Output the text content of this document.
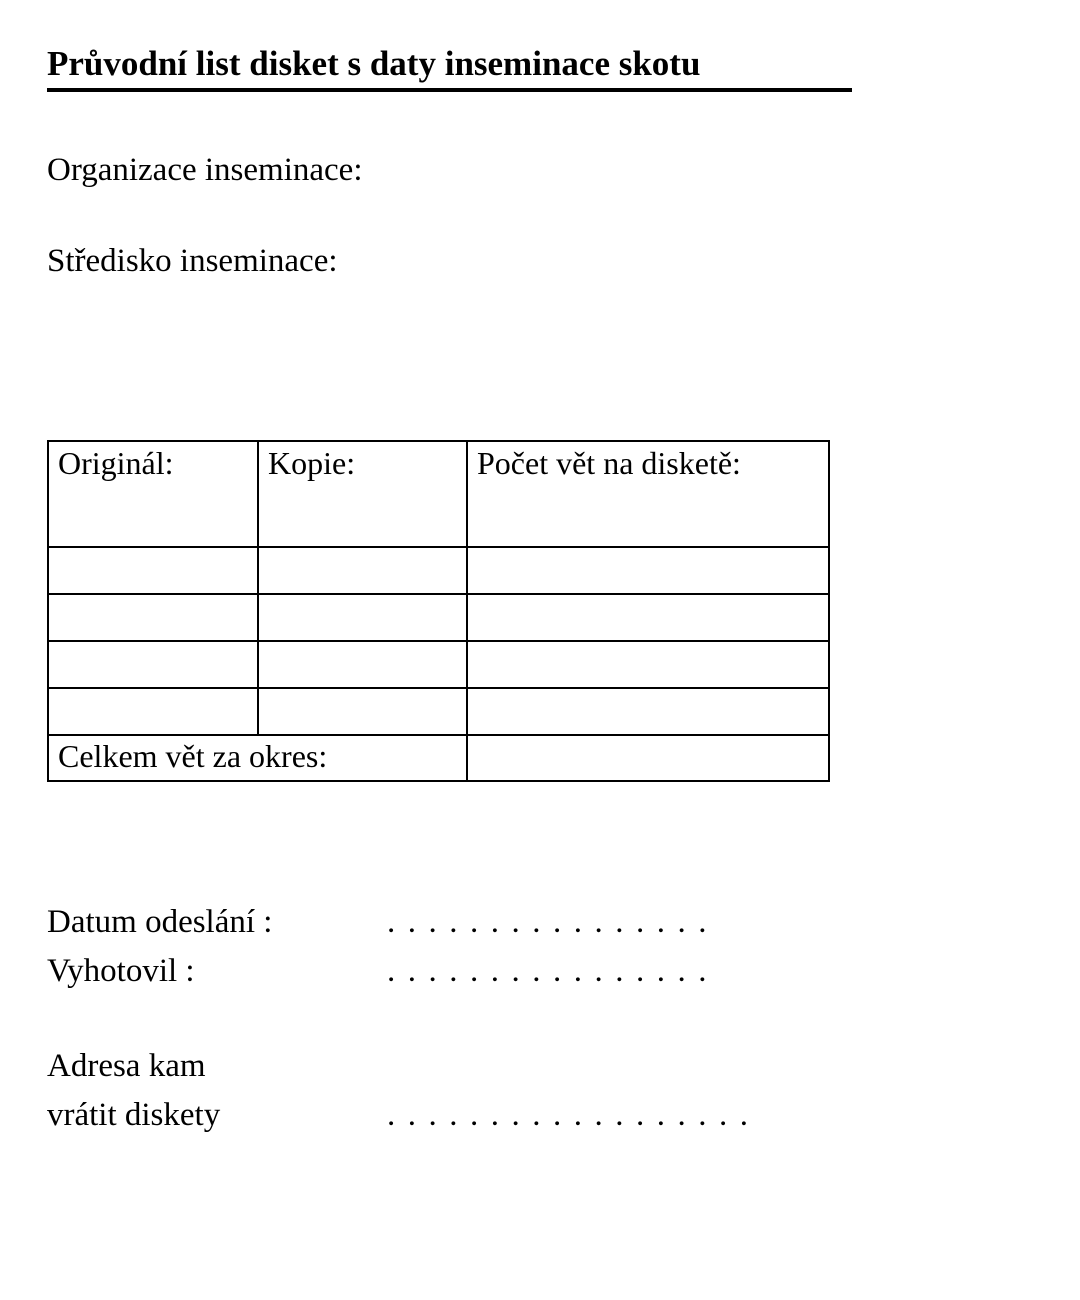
Průvodní list disket s daty inseminace skotu
Organizace inseminace:
Středisko inseminace:
Originál:	Kopie:	Počet vět na disketě:

Celkem vět za okres:		
Datum odeslání :	................
Vyhotovil :	................
Adresa kam
vrátit diskety	..................
